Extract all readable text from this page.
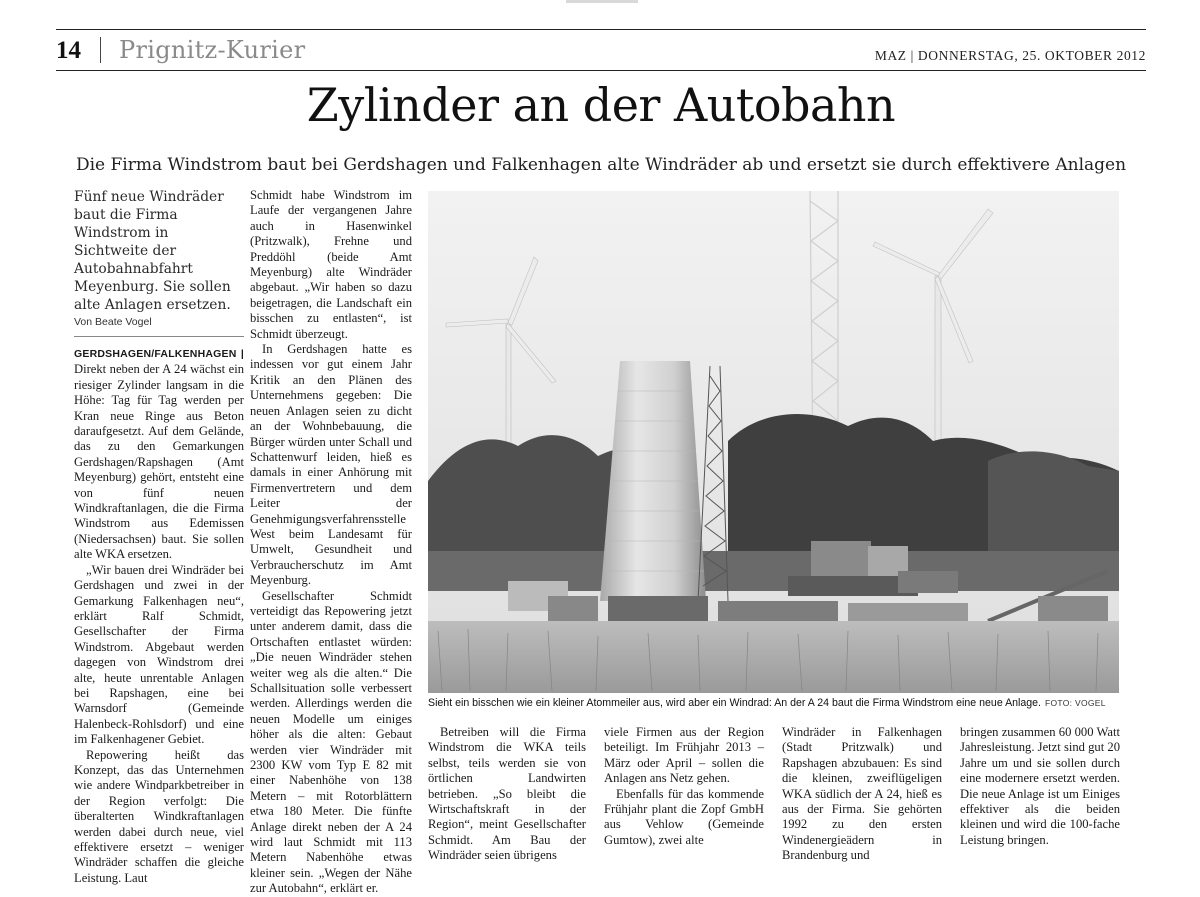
14 Prignitz-Kurier	MAZ | DONNERSTAG, 25. OKTOBER 2012
Zylinder an der Autobahn
Die Firma Windstrom baut bei Gerdshagen und Falkenhagen alte Windräder ab und ersetzt sie durch effektivere Anlagen
Fünf neue Windräder baut die Firma Windstrom in Sichtweite der Autobahnabfahrt Meyenburg. Sie sollen alte Anlagen ersetzen.
Von Beate Vogel

GERDSHAGEN/FALKENHAGEN | Direkt neben der A 24 wächst ein riesiger Zylinder langsam in die Höhe: Tag für Tag werden per Kran neue Ringe aus Beton daraufgesetzt. Auf dem Gelände, das zu den Gemarkungen Gerdshagen/Rapshagen (Amt Meyenburg) gehört, entsteht eine von fünf neuen Windkraftanlagen, die die Firma Windstrom aus Edemissen (Niedersachsen) baut. Sie sollen alte WKA ersetzen.

„Wir bauen drei Windräder bei Gerdshagen und zwei in der Gemarkung Falkenhagen neu“, erklärt Ralf Schmidt, Gesellschafter der Firma Windstrom. Abgebaut werden dagegen von Windstrom drei alte, heute unrentable Anlagen bei Rapshagen, eine bei Warnsdorf (Gemeinde Halenbeck-Rohlsdorf) und eine im Falkenhagener Gebiet.

Repowering heißt das Konzept, das das Unternehmen wie andere Windparkbetreiber in der Region verfolgt: Die überalterten Windkraftanlagen werden dabei durch neue, viel effektivere ersetzt – weniger Windräder schaffen die gleiche Leistung. Laut

Schmidt habe Windstrom im Laufe der vergangenen Jahre auch in Hasenwinkel (Pritzwalk), Frehne und Preddöhl (beide Amt Meyenburg) alte Windräder abgebaut. „Wir haben so dazu beigetragen, die Landschaft ein bisschen zu entlasten“, ist Schmidt überzeugt.

In Gerdshagen hatte es indessen vor gut einem Jahr Kritik an den Plänen des Unternehmens gegeben: Die neuen Anlagen seien zu dicht an der Wohnbebauung, die Bürger würden unter Schall und Schattenwurf leiden, hieß es damals in einer Anhörung mit Firmenvertretern und dem Leiter der Genehmigungsverfahrensstelle West beim Landesamt für Umwelt, Gesundheit und Verbraucherschutz im Amt Meyenburg.

Gesellschafter Schmidt verteidigt das Repowering jetzt unter anderem damit, dass die Ortschaften entlastet würden: „Die neuen Windräder stehen weiter weg als die alten.“ Die Schallsituation solle verbessert werden. Allerdings werden die neuen Modelle um einiges höher als die alten: Gebaut werden vier Windräder mit 2300 KW vom Typ E 82 mit einer Nabenhöhe von 138 Metern – mit Rotorblättern etwa 180 Meter. Die fünfte Anlage direkt neben der A 24 wird laut Schmidt mit 113 Metern Nabenhöhe etwas kleiner sein. „Wegen der Nähe zur Autobahn“, erklärt er.

Sieht ein bisschen wie ein kleiner Atommeiler aus, wird aber ein Windrad: An der A 24 baut die Firma Windstrom eine neue Anlage. FOTO: VOGEL

Betreiben will die Firma Windstrom die WKA teils selbst, teils werden sie von örtlichen Landwirten betrieben. „So bleibt die Wirtschaftskraft in der Region“, meint Gesellschafter Schmidt. Am Bau der Windräder seien übrigens

viele Firmen aus der Region beteiligt. Im Frühjahr 2013 – März oder April – sollen die Anlagen ans Netz gehen.

Ebenfalls für das kommende Frühjahr plant die Zopf GmbH aus Vehlow (Gemeinde Gumtow), zwei alte

Windräder in Falkenhagen (Stadt Pritzwalk) und Rapshagen abzubauen: Es sind die kleinen, zweiflügeligen WKA südlich der A 24, hieß es aus der Firma. Sie gehörten 1992 zu den ersten Windenergieädern in Brandenburg und

bringen zusammen 60 000 Watt Jahresleistung. Jetzt sind gut 20 Jahre um und sie sollen durch eine modernere ersetzt werden. Die neue Anlage ist um Einiges effektiver als die beiden kleinen und wird die 100-fache Leistung bringen.
